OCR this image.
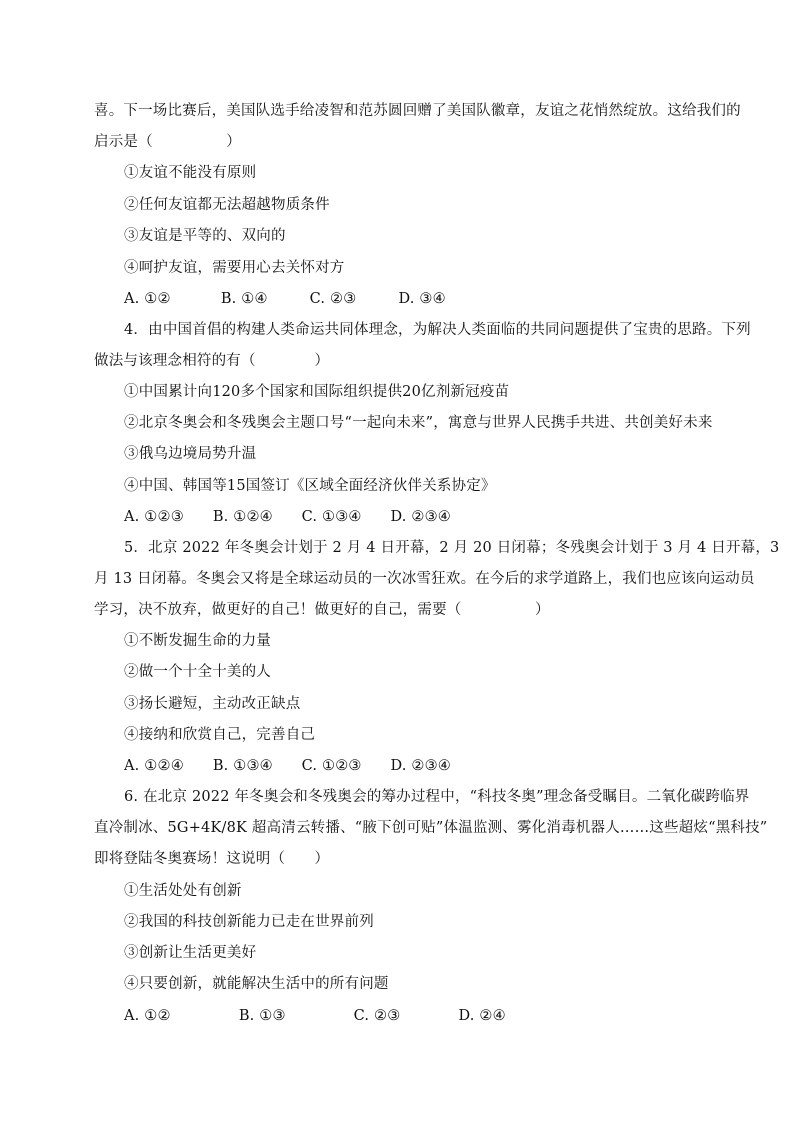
喜。下一场比赛后，美国队选手给凌智和范苏圆回赠了美国队徽章，友谊之花悄然绽放。这给我们的
启示是（　　　　　）
①友谊不能没有原则
②任何友谊都无法超越物质条件
③友谊是平等的、双向的
④呵护友谊，需要用心去关怀对方
A. ①②	B. ①④	C. ②③	D. ③④
4．由中国首倡的构建人类命运共同体理念，为解决人类面临的共同问题提供了宝贵的思路。下列
做法与该理念相符的有（　　　　）
①中国累计向120多个国家和国际组织提供20亿剂新冠疫苗
②北京冬奥会和冬残奥会主题口号“一起向未来”，寓意与世界人民携手共进、共创美好未来
③俄乌边境局势升温
④中国、韩国等15国签订《区域全面经济伙伴关系协定》
A. ①②③ B. ①②④ C. ①③④ D. ②③④
5．北京 2022 年冬奥会计划于 2 月 4 日开幕，2 月 20 日闭幕；冬残奥会计划于 3 月 4 日开幕，3
月 13 日闭幕。冬奥会又将是全球运动员的一次冰雪狂欢。在今后的求学道路上，我们也应该向运动员
学习，决不放弃，做更好的自己！做更好的自己，需要（　　　　　）
①不断发掘生命的力量
②做一个十全十美的人
③扬长避短，主动改正缺点
④接纳和欣赏自己，完善自己
A. ①②④ B. ①③④ C. ①②③ D. ②③④
6. 在北京 2022 年冬奥会和冬残奥会的筹办过程中，“科技冬奥”理念备受瞩目。二氧化碳跨临界
直冷制冰、5G+4K/8K 超高清云转播、“腋下创可贴”体温监测、雾化消毒机器人……这些超炫“黑科技”
即将登陆冬奥赛场！这说明（　　）
①生活处处有创新
②我国的科技创新能力已走在世界前列
③创新让生活更美好
④只要创新，就能解决生活中的所有问题
A. ①②	B. ①③	C. ②③	D. ②④
